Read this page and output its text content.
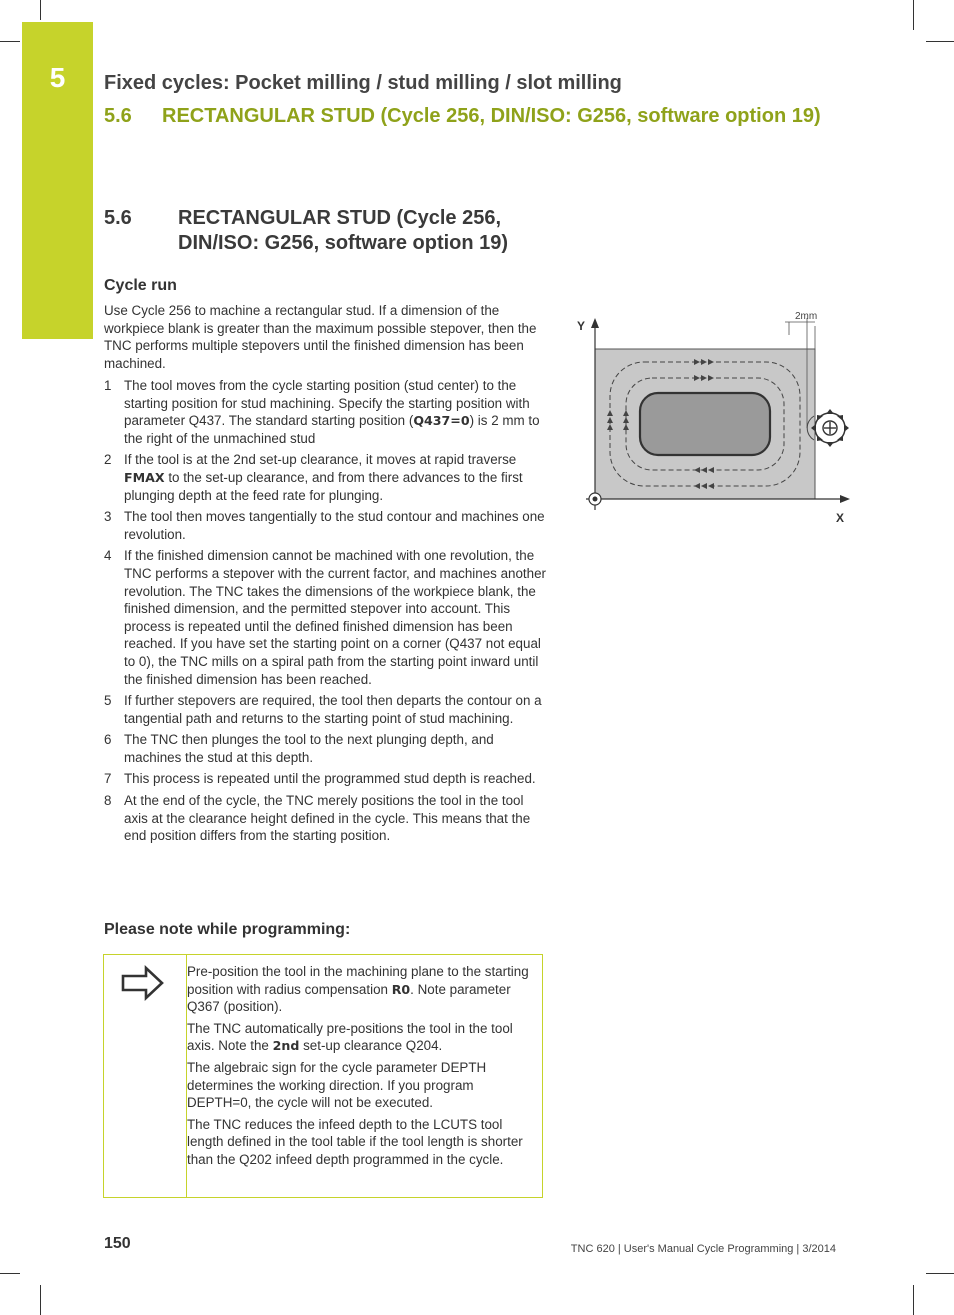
5	Fixed cycles: Pocket milling / stud milling / slot milling
5.6 RECTANGULAR STUD (Cycle 256, DIN/ISO: G256, software option 19)
5.6 RECTANGULAR STUD (Cycle 256, DIN/ISO: G256, software option 19)
Cycle run
Use Cycle 256 to machine a rectangular stud. If a dimension of the workpiece blank is greater than the maximum possible stepover, then the TNC performs multiple stepovers until the finished dimension has been machined.
1 The tool moves from the cycle starting position (stud center) to the starting position for stud machining. Specify the starting position with parameter Q437. The standard starting position (Q437=0) is 2 mm to the right of the unmachined stud
2 If the tool is at the 2nd set-up clearance, it moves at rapid traverse FMAX to the set-up clearance, and from there advances to the first plunging depth at the feed rate for plunging.
3 The tool then moves tangentially to the stud contour and machines one revolution.
4 If the finished dimension cannot be machined with one revolution, the TNC performs a stepover with the current factor, and machines another revolution. The TNC takes the dimensions of the workpiece blank, the finished dimension, and the permitted stepover into account. This process is repeated until the defined finished dimension has been reached. If you have set the starting point on a corner (Q437 not equal to 0), the TNC mills on a spiral path from the starting point inward until the finished dimension has been reached.
5 If further stepovers are required, the tool then departs the contour on a tangential path and returns to the starting point of stud machining.
6 The TNC then plunges the tool to the next plunging depth, and machines the stud at this depth.
7 This process is repeated until the programmed stud depth is reached.
8 At the end of the cycle, the TNC merely positions the tool in the tool axis at the clearance height defined in the cycle. This means that the end position differs from the starting position.
Please note while programming:

Pre-position the tool in the machining plane to the starting position with radius compensation R0. Note parameter Q367 (position).

The TNC automatically pre-positions the tool in the tool axis. Note the 2nd set-up clearance Q204.

The algebraic sign for the cycle parameter DEPTH determines the working direction. If you program DEPTH=0, the cycle will not be executed.

The TNC reduces the infeed depth to the LCUTS tool length defined in the tool table if the tool length is shorter than the Q202 infeed depth programmed in the cycle.

Y
X
2mm
150	TNC 620 | User's Manual Cycle Programming | 3/2014
